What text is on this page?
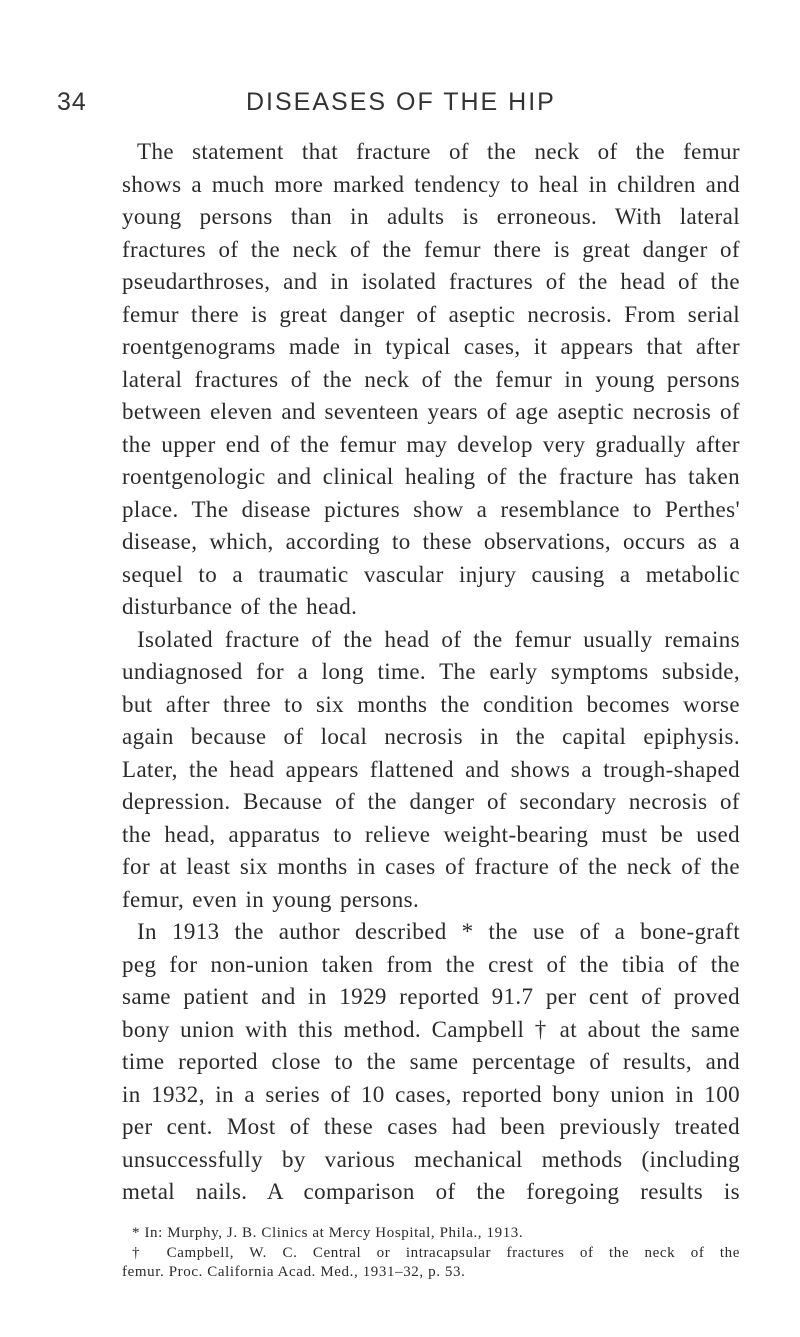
34	DISEASES OF THE HIP
The statement that fracture of the neck of the femur
shows a much more marked tendency to heal in children and
young persons than in adults is erroneous. With lateral
fractures of the neck of the femur there is great danger of
pseudarthroses, and in isolated fractures of the head of the
femur there is great danger of aseptic necrosis. From serial
roentgenograms made in typical cases, it appears that after
lateral fractures of the neck of the femur in young persons
between eleven and seventeen years of age aseptic necrosis of
the upper end of the femur may develop very gradually after
roentgenologic and clinical healing of the fracture has taken
place. The disease pictures show a resemblance to Perthes'
disease, which, according to these observations, occurs as a
sequel to a traumatic vascular injury causing a metabolic
disturbance of the head.
Isolated fracture of the head of the femur usually remains
undiagnosed for a long time. The early symptoms subside,
but after three to six months the condition becomes worse
again because of local necrosis in the capital epiphysis.
Later, the head appears flattened and shows a trough-shaped
depression. Because of the danger of secondary necrosis of
the head, apparatus to relieve weight-bearing must be used
for at least six months in cases of fracture of the neck of the
femur, even in young persons.
In 1913 the author described * the use of a bone-graft
peg for non-union taken from the crest of the tibia of the
same patient and in 1929 reported 91.7 per cent of proved
bony union with this method. Campbell † at about the same
time reported close to the same percentage of results, and
in 1932, in a series of 10 cases, reported bony union in 100
per cent. Most of these cases had been previously treated
unsuccessfully by various mechanical methods (including
metal nails. A comparison of the foregoing results is
* In: Murphy, J. B. Clinics at Mercy Hospital, Phila., 1913.
† Campbell, W. C. Central or intracapsular fractures of the neck of the
femur. Proc. California Acad. Med., 1931–32, p. 53.
